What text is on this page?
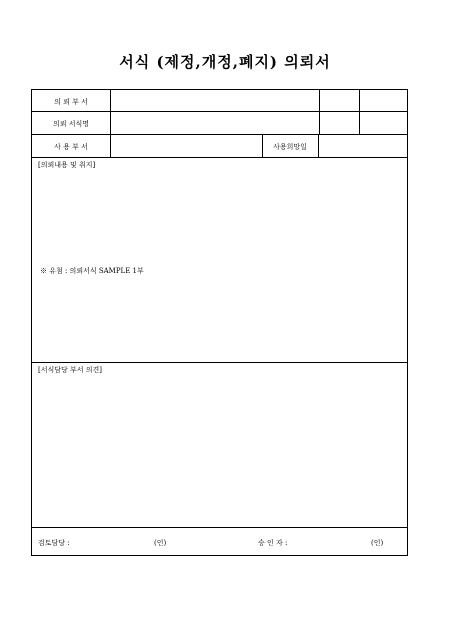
서식 (제정,개정,폐지) 의뢰서
의 뢰 부 서
의뢰 서식명
사 용 부 서	사용희망일
[의뢰내용 및 취지]
※ 유첨 : 의뢰서식 SAMPLE 1부
[서식담당 부서 의견]
검토담당 :	(인)	승 인 자 :	(인)
